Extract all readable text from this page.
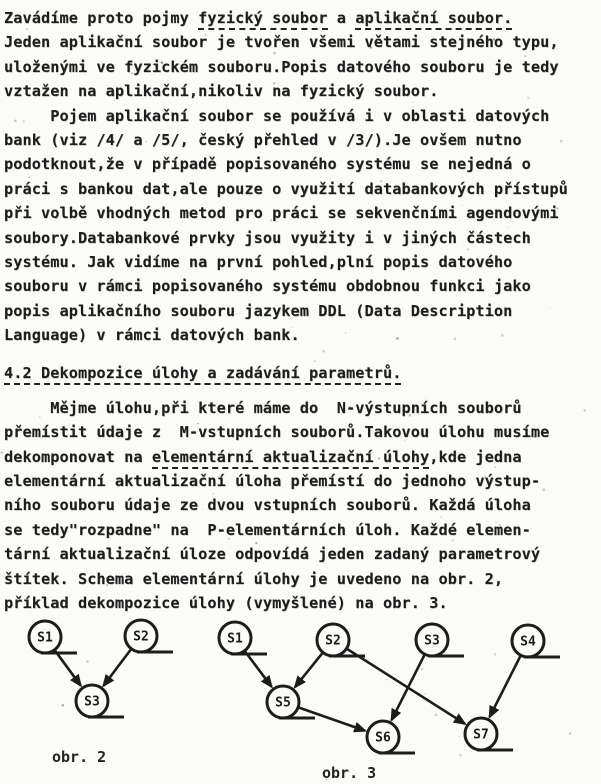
Zavádíme proto pojmy fyzický soubor a aplikační soubor.
Jeden aplikační soubor je tvořen všemi větami stejného typu,
uloženými ve fyzickém souboru.Popis datového souboru je tedy
vztažen na aplikační,nikoliv na fyzický soubor.
Pojem aplikační soubor se používá i v oblasti datových
bank (viz /4/ a /5/, český přehled v /3/).Je ovšem nutno
podotknout,že v případě popisovaného systému se nejedná o
práci s bankou dat,ale pouze o využití databankových přístupů
při volbě vhodných metod pro práci se sekvenčními agendovými
soubory.Databankové prvky jsou využity i v jiných částech
systému. Jak vidíme na první pohled,plní popis datového
souboru v rámci popisovaného systému obdobnou funkci jako
popis aplikačního souboru jazykem DDL (Data Description
Language) v rámci datových bank.
4.2 Dekompozice úlohy a zadávání parametrů.
Mějme úlohu,při které máme do  N-výstupních souborů
přemístit údaje z  M-vstupních souborů.Takovou úlohu musíme
dekomponovat na elementární aktualizační úlohy,kde jedna
elementární aktualizační úloha přemístí do jednoho výstup-
ního souboru údaje ze dvou vstupních souborů. Každá úloha
se tedy"rozpadne" na  P-elementárních úloh. Každé elemen-
tární aktualizační úloze odpovídá jeden zadaný parametrový
štítek. Schema elementární úlohy je uvedeno na obr. 2,
příklad dekompozice úlohy (vymyšlené) na obr. 3.
S1	S2
S3
obr. 2
S1	S2	S3	S4
S5
S6	S7
obr. 3
